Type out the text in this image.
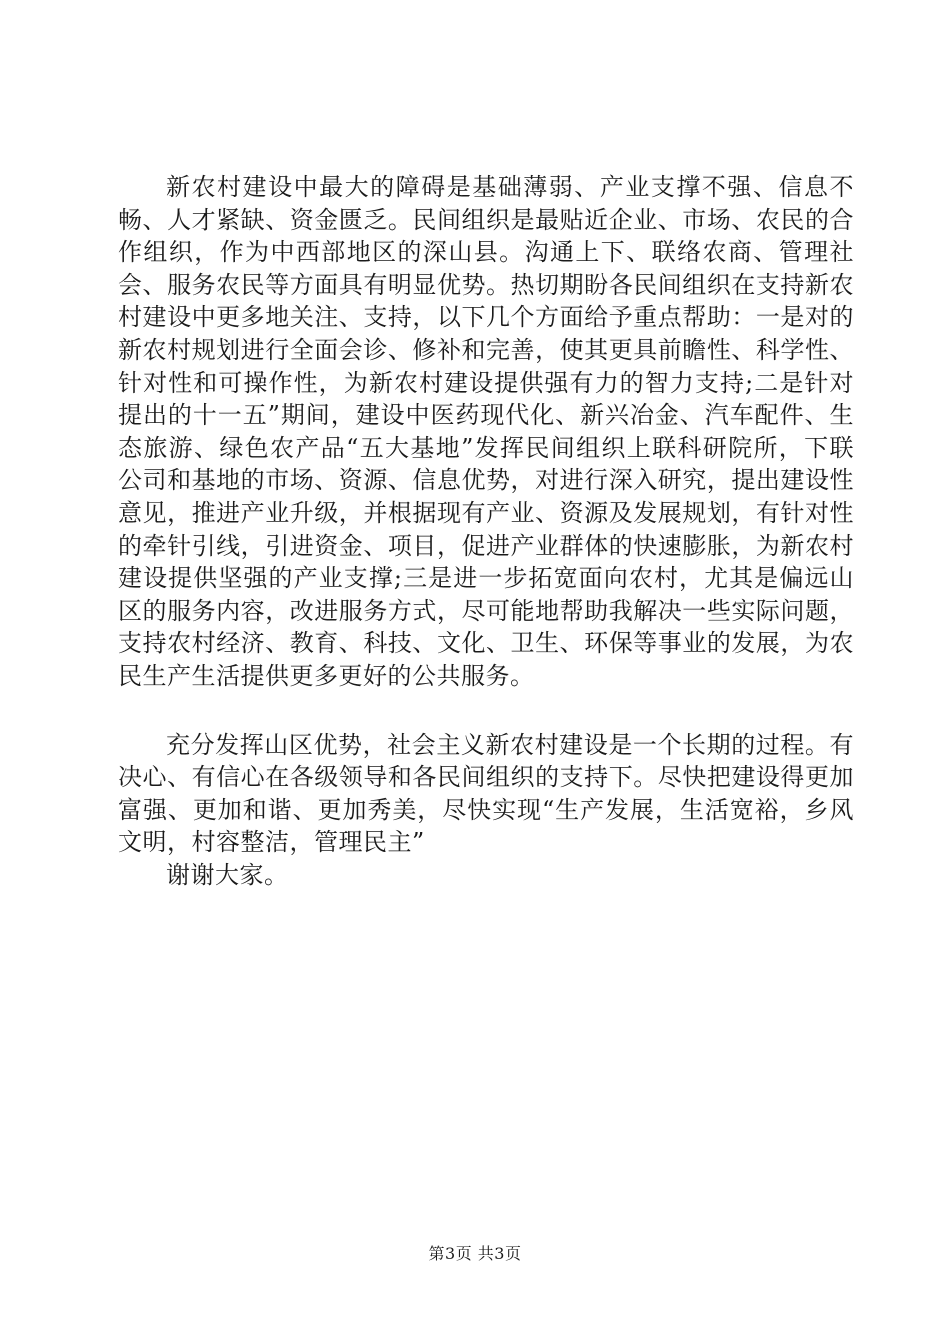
新农村建设中最大的障碍是基础薄弱、产业支撑不强、信息不畅、人才紧缺、资金匮乏。民间组织是最贴近企业、市场、农民的合作组织，作为中西部地区的深山县。沟通上下、联络农商、管理社会、服务农民等方面具有明显优势。热切期盼各民间组织在支持新农村建设中更多地关注、支持，以下几个方面给予重点帮助：一是对的新农村规划进行全面会诊、修补和完善，使其更具前瞻性、科学性、针对性和可操作性，为新农村建设提供强有力的智力支持;二是针对提出的十一五”期间，建设中医药现代化、新兴冶金、汽车配件、生态旅游、绿色农产品“五大基地”发挥民间组织上联科研院所，下联公司和基地的市场、资源、信息优势，对进行深入研究，提出建设性意见，推进产业升级，并根据现有产业、资源及发展规划，有针对性的牵针引线，引进资金、项目，促进产业群体的快速膨胀，为新农村建设提供坚强的产业支撑;三是进一步拓宽面向农村，尤其是偏远山区的服务内容，改进服务方式，尽可能地帮助我解决一些实际问题，支持农村经济、教育、科技、文化、卫生、环保等事业的发展，为农民生产生活提供更多更好的公共服务。

充分发挥山区优势，社会主义新农村建设是一个长期的过程。有决心、有信心在各级领导和各民间组织的支持下。尽快把建设得更加富强、更加和谐、更加秀美，尽快实现“生产发展，生活宽裕，乡风文明，村容整洁，管理民主”

谢谢大家。

第3页 共3页
